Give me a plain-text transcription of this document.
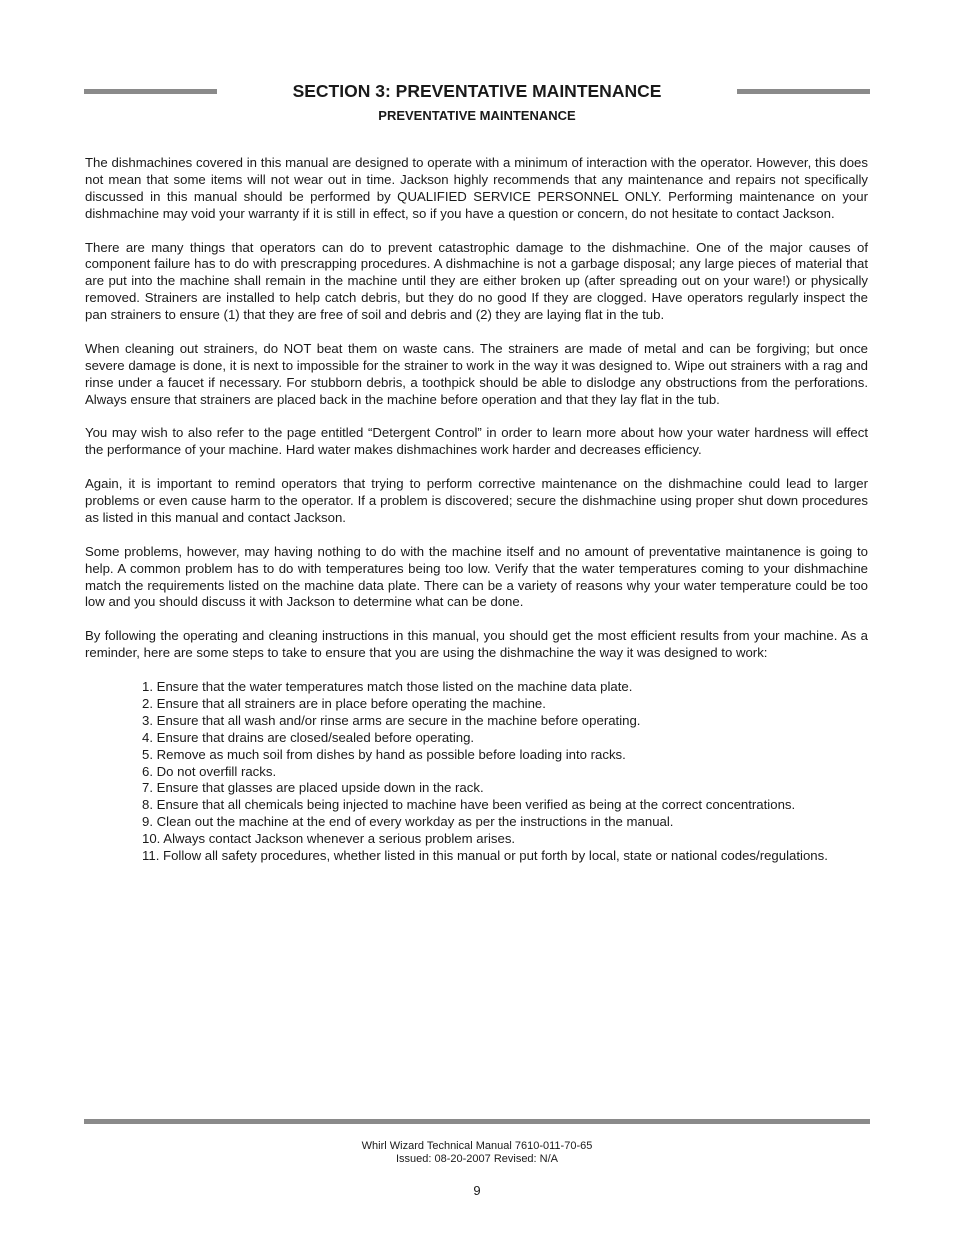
SECTION 3: PREVENTATIVE MAINTENANCE
PREVENTATIVE MAINTENANCE

The dishmachines covered in this manual are designed to operate with a minimum of interaction with the operator. However, this does not mean that some items will not wear out in time. Jackson highly recommends that any maintenance and repairs not specifically discussed in this manual should be performed by QUALIFIED SERVICE PERSONNEL ONLY. Performing maintenance on your dishmachine may void your warranty if it is still in effect, so if you have a question or concern, do not hesitate to contact Jackson.

There are many things that operators can do to prevent catastrophic damage to the dishmachine. One of the major causes of component failure has to do with prescrapping procedures. A dishmachine is not a garbage disposal; any large pieces of material that are put into the machine shall remain in the machine until they are either broken up (after spreading out on your ware!) or physically removed. Strainers are installed to help catch debris, but they do no good If they are clogged. Have operators regularly inspect the pan strainers to ensure (1) that they are free of soil and debris and (2) they are laying flat in the tub.

When cleaning out strainers, do NOT beat them on waste cans. The strainers are made of metal and can be forgiving; but once severe damage is done, it is next to impossible for the strainer to work in the way it was designed to. Wipe out strainers with a rag and rinse under a faucet if necessary. For stubborn debris, a toothpick should be able to dislodge any obstructions from the perforations. Always ensure that strainers are placed back in the machine before operation and that they lay flat in the tub.

You may wish to also refer to the page entitled “Detergent Control” in order to learn more about how your water hardness will effect the performance of your machine. Hard water makes dishmachines work harder and decreases efficiency.

Again, it is important to remind operators that trying to perform corrective maintenance on the dishmachine could lead to larger problems or even cause harm to the operator. If a problem is discovered; secure the dishmachine using proper shut down procedures as listed in this manual and contact Jackson.

Some problems, however, may having nothing to do with the machine itself and no amount of preventative maintanence is going to help. A common problem has to do with temperatures being too low. Verify that the water temperatures coming to your dishmachine match the requirements listed on the machine data plate. There can be a variety of reasons why your water temperature could be too low and you should discuss it with Jackson to determine what can be done.

By following the operating and cleaning instructions in this manual, you should get the most efficient results from your machine. As a reminder, here are some steps to take to ensure that you are using the dishmachine the way it was designed to work:

1. Ensure that the water temperatures match those listed on the machine data plate.
2. Ensure that all strainers are in place before operating the machine.
3. Ensure that all wash and/or rinse arms are secure in the machine before operating.
4. Ensure that drains are closed/sealed before operating.
5. Remove as much soil from dishes by hand as possible before loading into racks.
6. Do not overfill racks.
7. Ensure that glasses are placed upside down in the rack.
8. Ensure that all chemicals being injected to machine have been verified as being at the correct concentrations.
9. Clean out the machine at the end of every workday as per the instructions in the manual.
10. Always contact Jackson whenever a serious problem arises.
11. Follow all safety procedures, whether listed in this manual or put forth by local, state or national codes/regulations.
Whirl Wizard Technical Manual 7610-011-70-65
Issued: 08-20-2007 Revised: N/A
9
